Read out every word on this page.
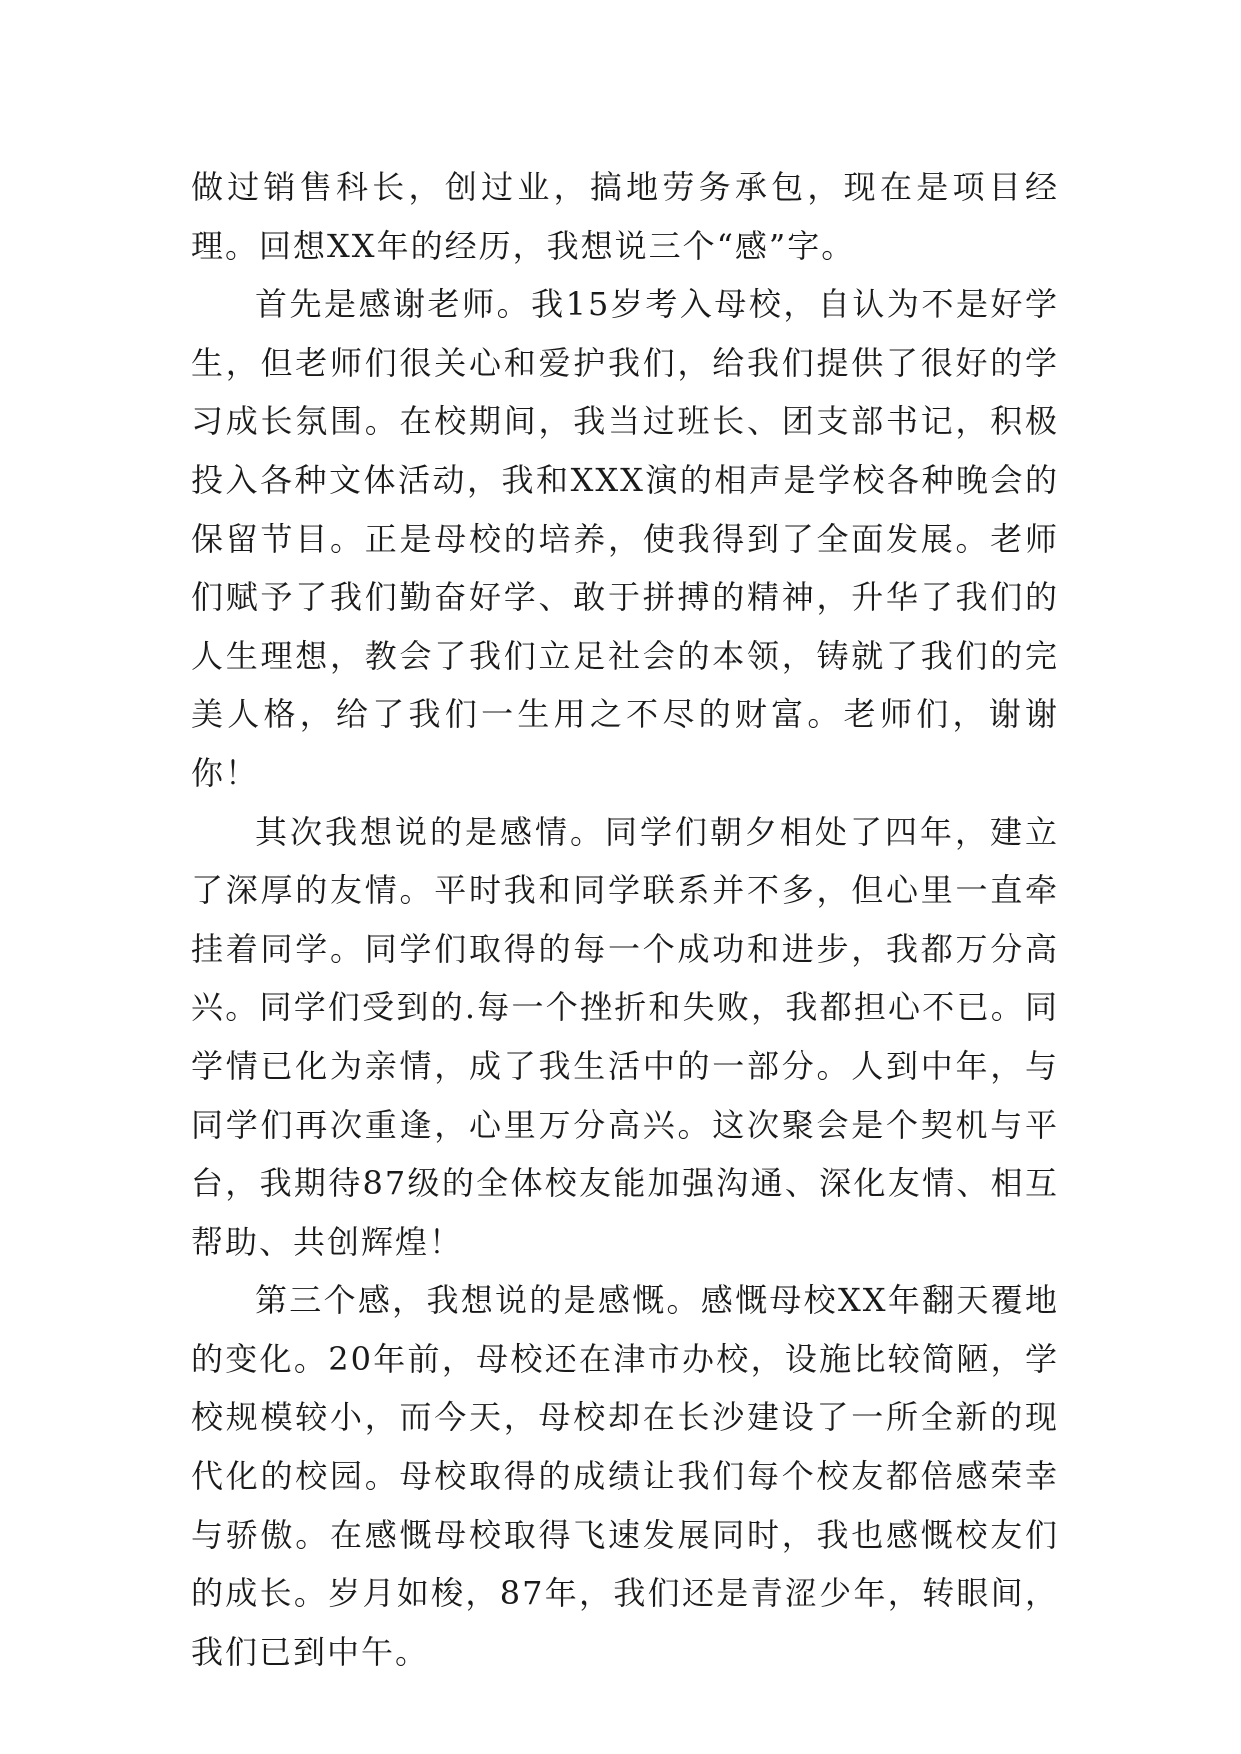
做过销售科长，创过业，搞地劳务承包，现在是项目经理。回想XX年的经历，我想说三个“感”字。

首先是感谢老师。我15岁考入母校，自认为不是好学生，但老师们很关心和爱护我们，给我们提供了很好的学习成长氛围。在校期间，我当过班长、团支部书记，积极投入各种文体活动，我和XXX演的相声是学校各种晚会的保留节目。正是母校的培养，使我得到了全面发展。老师们赋予了我们勤奋好学、敢于拼搏的精神，升华了我们的人生理想，教会了我们立足社会的本领，铸就了我们的完美人格，给了我们一生用之不尽的财富。老师们，谢谢你！

其次我想说的是感情。同学们朝夕相处了四年，建立了深厚的友情。平时我和同学联系并不多，但心里一直牵挂着同学。同学们取得的每一个成功和进步，我都万分高兴。同学们受到的.每一个挫折和失败，我都担心不已。同学情已化为亲情，成了我生活中的一部分。人到中年，与同学们再次重逢，心里万分高兴。这次聚会是个契机与平台，我期待87级的全体校友能加强沟通、深化友情、相互帮助、共创辉煌！

第三个感，我想说的是感慨。感慨母校XX年翻天覆地的变化。20年前，母校还在津市办校，设施比较简陋，学校规模较小，而今天，母校却在长沙建设了一所全新的现代化的校园。母校取得的成绩让我们每个校友都倍感荣幸与骄傲。在感慨母校取得飞速发展同时，我也感慨校友们的成长。岁月如梭，87年，我们还是青涩少年，转眼间，我们已到中午。
